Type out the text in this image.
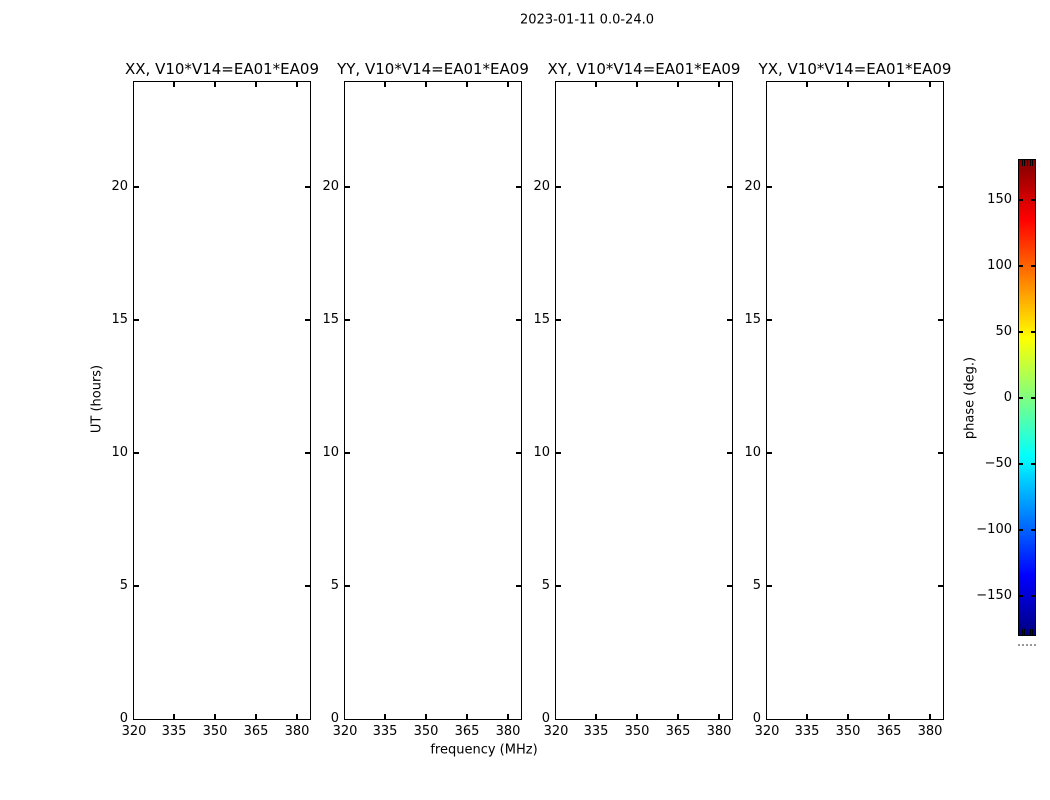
2023-01-11 0.0-24.0
UT (hours)
frequency (MHz)
XX, V10*V14=EA01*EA09
320 335 350 365 380
0
5
10
15
20
YY, V10*V14=EA01*EA09
320 335 350 365 380
0
5
10
15
20
XY, V10*V14=EA01*EA09
320 335 350 365 380
0
5
10
15
20
YX, V10*V14=EA01*EA09
320 335 350 365 380
0
5
10
15
20
phase (deg.)
150
100
50
0
−50
−100
−150
